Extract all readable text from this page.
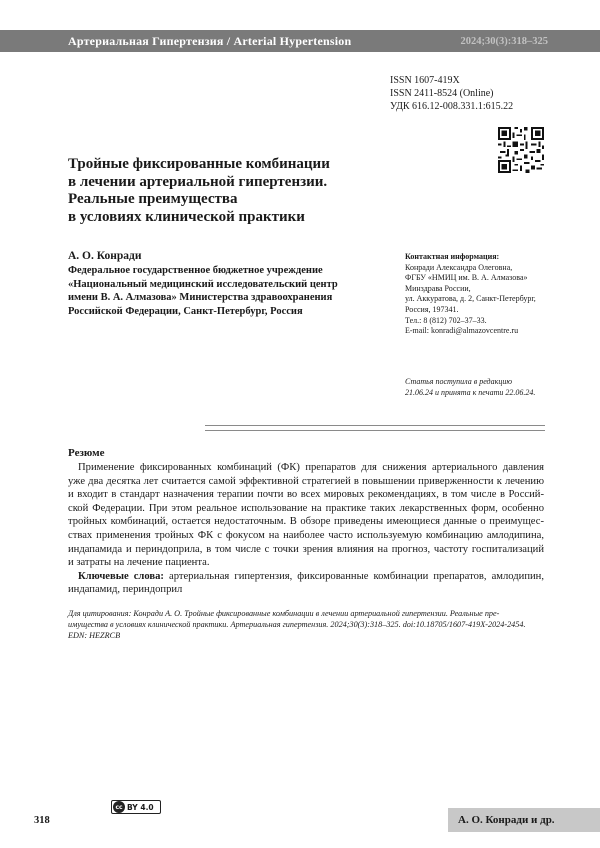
Артериальная Гипертензия / Arterial Hypertension	2024;30(3):318–325
ISSN 1607-419X
ISSN 2411-8524 (Online)
УДК 616.12-008.331.1:615.22
Тройные фиксированные комбинации
в лечении артериальной гипертензии.
Реальные преимущества
в условиях клинической практики
А. О. Конради
Федеральное государственное бюджетное учреждение
«Национальный медицинский исследовательский центр
имени В. А. Алмазова» Министерства здравоохранения
Российской Федерации, Санкт-Петербург, Россия
Контактная информация:
Конради Александра Олеговна,
ФГБУ «НМИЦ им. В. А. Алмазова»
Минздрава России,
ул. Аккуратова, д. 2, Санкт-Петербург,
Россия, 197341.
Тел.: 8 (812) 702–37–33.
E-mail: konradi@almazovcentre.ru
Статья поступила в редакцию
21.06.24 и принята к печати 22.06.24.
Резюме
Применение фиксированных комбинаций (ФК) препаратов для снижения артериального давления
уже два десятка лет считается самой эффективной стратегией в повышении приверженности к лечению
и входит в стандарт назначения терапии почти во всех мировых рекомендациях, в том числе в Россий-
ской Федерации. При этом реальное использование на практике таких лекарственных форм, особенно
тройных комбинаций, остается недостаточным. В обзоре приведены имеющиеся данные о преимущес-
ствах применения тройных ФК с фокусом на наиболее часто используемую комбинацию амлодипина,
индапамида и периндоприла, в том числе с точки зрения влияния на прогноз, частоту госпитализаций
и затраты на лечение пациента.
Ключевые слова: артериальная гипертензия, фиксированные комбинации препаратов, амлодипин,
индапамид, периндоприл
Для цитирования: Конради А. О. Тройные фиксированные комбинации в лечении артериальной гипертензии. Реальные пре-
имущества в условиях клинической практики. Артериальная гипертензия. 2024;30(3):318–325. doi:10.18705/1607-419X-2024-2454.
EDN: HEZRCB
318
cc BY 4.0
А. О. Конради и др.
